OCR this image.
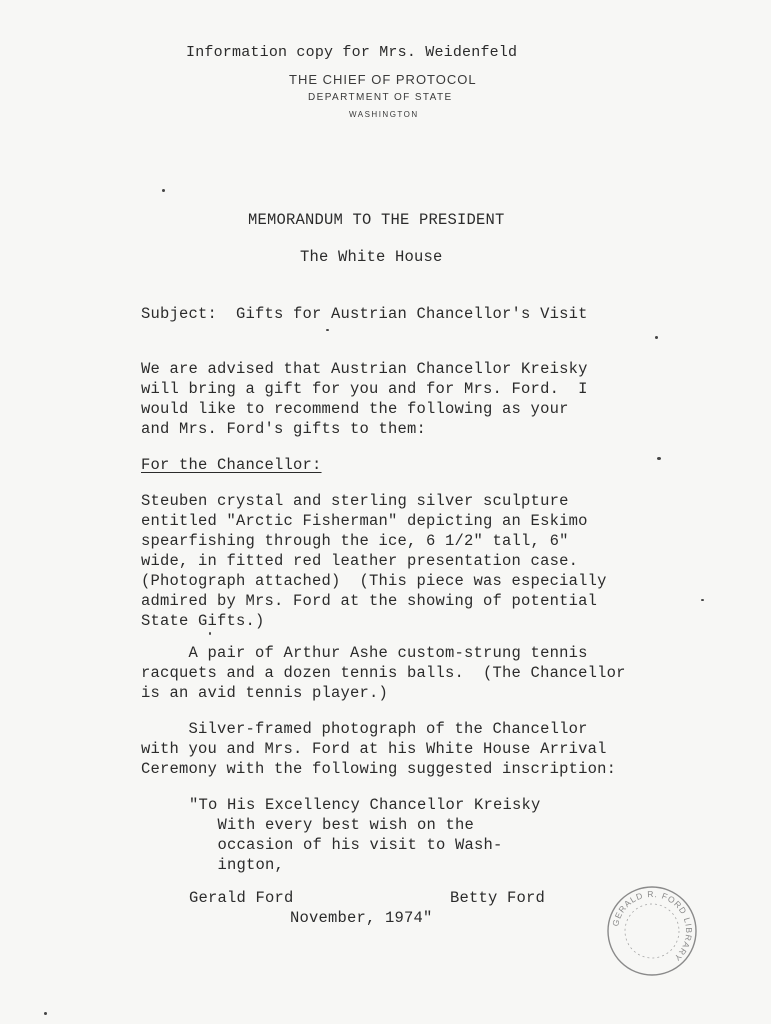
Information copy for Mrs. Weidenfeld
THE CHIEF OF PROTOCOL
DEPARTMENT OF STATE
WASHINGTON
MEMORANDUM TO THE PRESIDENT
The White House
Subject:  Gifts for Austrian Chancellor's Visit
We are advised that Austrian Chancellor Kreisky
will bring a gift for you and for Mrs. Ford.  I
would like to recommend the following as your
and Mrs. Ford's gifts to them:
For the Chancellor:
Steuben crystal and sterling silver sculpture
entitled "Arctic Fisherman" depicting an Eskimo
spearfishing through the ice, 6 1/2" tall, 6"
wide, in fitted red leather presentation case.
(Photograph attached)  (This piece was especially
admired by Mrs. Ford at the showing of potential
State Gifts.)
A pair of Arthur Ashe custom-strung tennis
racquets and a dozen tennis balls.  (The Chancellor
is an avid tennis player.)
Silver-framed photograph of the Chancellor
with you and Mrs. Ford at his White House Arrival
Ceremony with the following suggested inscription:
"To His Excellency Chancellor Kreisky
With every best wish on the
occasion of his visit to Wash-
ington,
Gerald Ford	Betty Ford
November, 1974"	GERALD R. FORD LIBRARY
